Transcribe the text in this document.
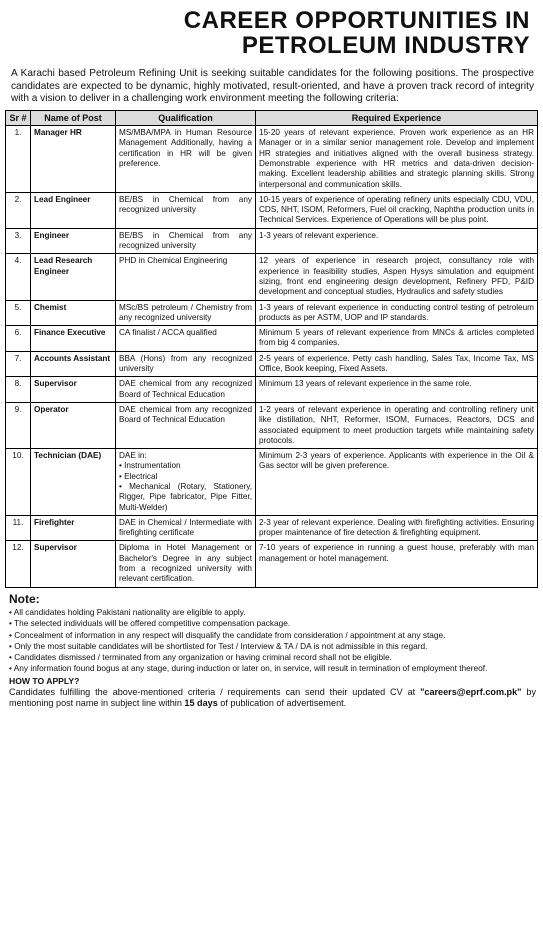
CAREER OPPORTUNITIES IN
PETROLEUM INDUSTRY
A Karachi based Petroleum Refining Unit is seeking suitable candidates for the following positions. The prospective candidates are expected to be dynamic, highly motivated, result-oriented, and have a proven track record of integrity with a vision to deliver in a challenging work environment meeting the following criteria:
Sr #	Name of Post	Qualification	Required Experience
1.	Manager HR	MS/MBA/MPA in Human Resource Management Additionally, having a certification in HR will be given preference.	15-20 years of relevant experience. Proven work experience as an HR Manager or in a similar senior management role. Develop and implement HR strategies and initiatives aligned with the overall business strategy. Demonstrable experience with HR metrics and data-driven decision-making. Excellent leadership abilities and strategic planning skills. Strong interpersonal and communication skills.
2.	Lead Engineer	BE/BS in Chemical from any recognized university	10-15 years of experience of operating refinery units especially CDU, VDU, CDS, NHT, ISOM, Reformers, Fuel oil cracking, Naphtha production units in Technical Services. Experience of Operations will be plus point.
3.	Engineer	BE/BS in Chemical from any recognized university	1-3 years of relevant experience.
4.	Lead Research Engineer	PHD in Chemical Engineering	12 years of experience in research project, consultancy role with experience in feasibility studies, Aspen Hysys simulation and equipment sizing, front end engineering design development, Refinery PFD, P&ID development and conceptual studies, Hydraulics and safety studies
5.	Chemist	MSc/BS petroleum / Chemistry from any recognized university	1-3 years of relevant experience in conducting control testing of petroleum products as per ASTM, UOP and IP standards.
6.	Finance Executive	CA finalist / ACCA qualified	Minimum 5 years of relevant experience from MNCs & articles completed from big 4 companies.
7.	Accounts Assistant	BBA (Hons) from any recognized university	2-5 years of experience. Petty cash handling, Sales Tax, Income Tax, MS Office, Book keeping, Fixed Assets.
8.	Supervisor	DAE chemical from any recognized Board of Technical Education	Minimum 13 years of relevant experience in the same role.
9.	Operator	DAE chemical from any recognized Board of Technical Education	1-2 years of relevant experience in operating and controlling refinery unit like distillation, NHT, Reformer, ISOM, Furnaces, Reactors, DCS and associated equipment to meet production targets while maintaining safety protocols.
10.	Technician (DAE)	DAE in:
• Instrumentation
• Electrical
• Mechanical (Rotary, Stationery, Rigger, Pipe fabricator, Pipe Fitter, Multi-Welder)	Minimum 2-3 years of experience. Applicants with experience in the Oil & Gas sector will be given preference.
11.	Firefighter	DAE in Chemical / Intermediate with firefighting certificate	2-3 year of relevant experience. Dealing with firefighting activities. Ensuring proper maintenance of fire detection & firefighting equipment.
12.	Supervisor	Diploma in Hotel Management or Bachelor's Degree in any subject from a recognized university with relevant certification.	7-10 years of experience in running a guest house, preferably with man management or hotel management.
Note:
• All candidates holding Pakistani nationality are eligible to apply.
• The selected individuals will be offered competitive compensation package.
• Concealment of information in any respect will disqualify the candidate from consideration / appointment at any stage.
• Only the most suitable candidates will be shortlisted for Test / Interview & TA / DA is not admissible in this regard.
• Candidates dismissed / terminated from any organization or having criminal record shall not be eligible.
• Any information found bogus at any stage, during induction or later on, in service, will result in termination of employment thereof.
HOW TO APPLY?
Candidates fulfilling the above-mentioned criteria / requirements can send their updated CV at "careers@eprf.com.pk" by mentioning post name in subject line within 15 days of publication of advertisement.
